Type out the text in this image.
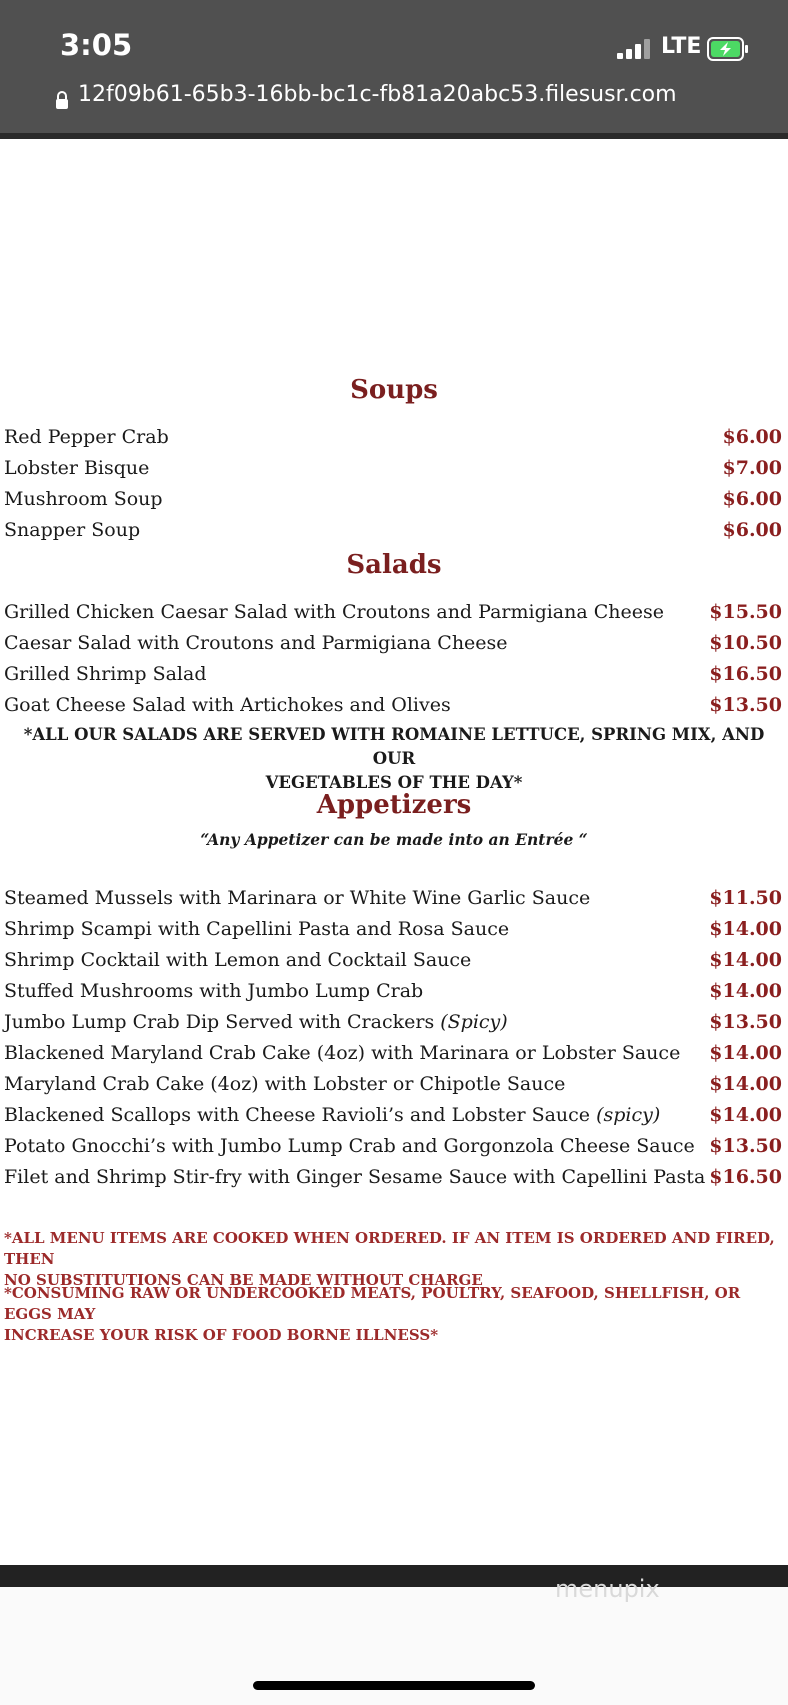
3:05	LTE
12f09b61-65b3-16bb-bc1c-fb81a20abc53.filesusr.com
Soups
Red Pepper Crab	$6.00
Lobster Bisque	$7.00
Mushroom Soup	$6.00
Snapper Soup	$6.00
Salads
Grilled Chicken Caesar Salad with Croutons and Parmigiana Cheese $15.50
Caesar Salad with Croutons and Parmigiana Cheese	$10.50
Grilled Shrimp Salad	$16.50
Goat Cheese Salad with Artichokes and Olives	$13.50
*ALL OUR SALADS ARE SERVED WITH ROMAINE LETTUCE, SPRING MIX, AND OUR
VEGETABLES OF THE DAY*
Appetizers
“Any Appetizer can be made into an Entrée “
Steamed Mussels with Marinara or White Wine Garlic Sauce	$11.50
Shrimp Scampi with Capellini Pasta and Rosa Sauce	$14.00
Shrimp Cocktail with Lemon and Cocktail Sauce	$14.00
Stuffed Mushrooms with Jumbo Lump Crab	$14.00
Jumbo Lump Crab Dip Served with Crackers (Spicy)	$13.50
Blackened Maryland Crab Cake (4oz) with Marinara or Lobster Sauce $14.00
Maryland Crab Cake (4oz) with Lobster or Chipotle Sauce	$14.00
Blackened Scallops with Cheese Ravioli’s and Lobster Sauce (spicy)	$14.00
Potato Gnocchi’s with Jumbo Lump Crab and Gorgonzola Cheese Sauce $13.50
Filet and Shrimp Stir-fry with Ginger Sesame Sauce with Capellini Pasta $16.50
*ALL MENU ITEMS ARE COOKED WHEN ORDERED. IF AN ITEM IS ORDERED AND FIRED, THEN
NO SUBSTITUTIONS CAN BE MADE WITHOUT CHARGE
*CONSUMING RAW OR UNDERCOOKED MEATS, POULTRY, SEAFOOD, SHELLFISH, OR EGGS MAY
INCREASE YOUR RISK OF FOOD BORNE ILLNESS*
menupix
